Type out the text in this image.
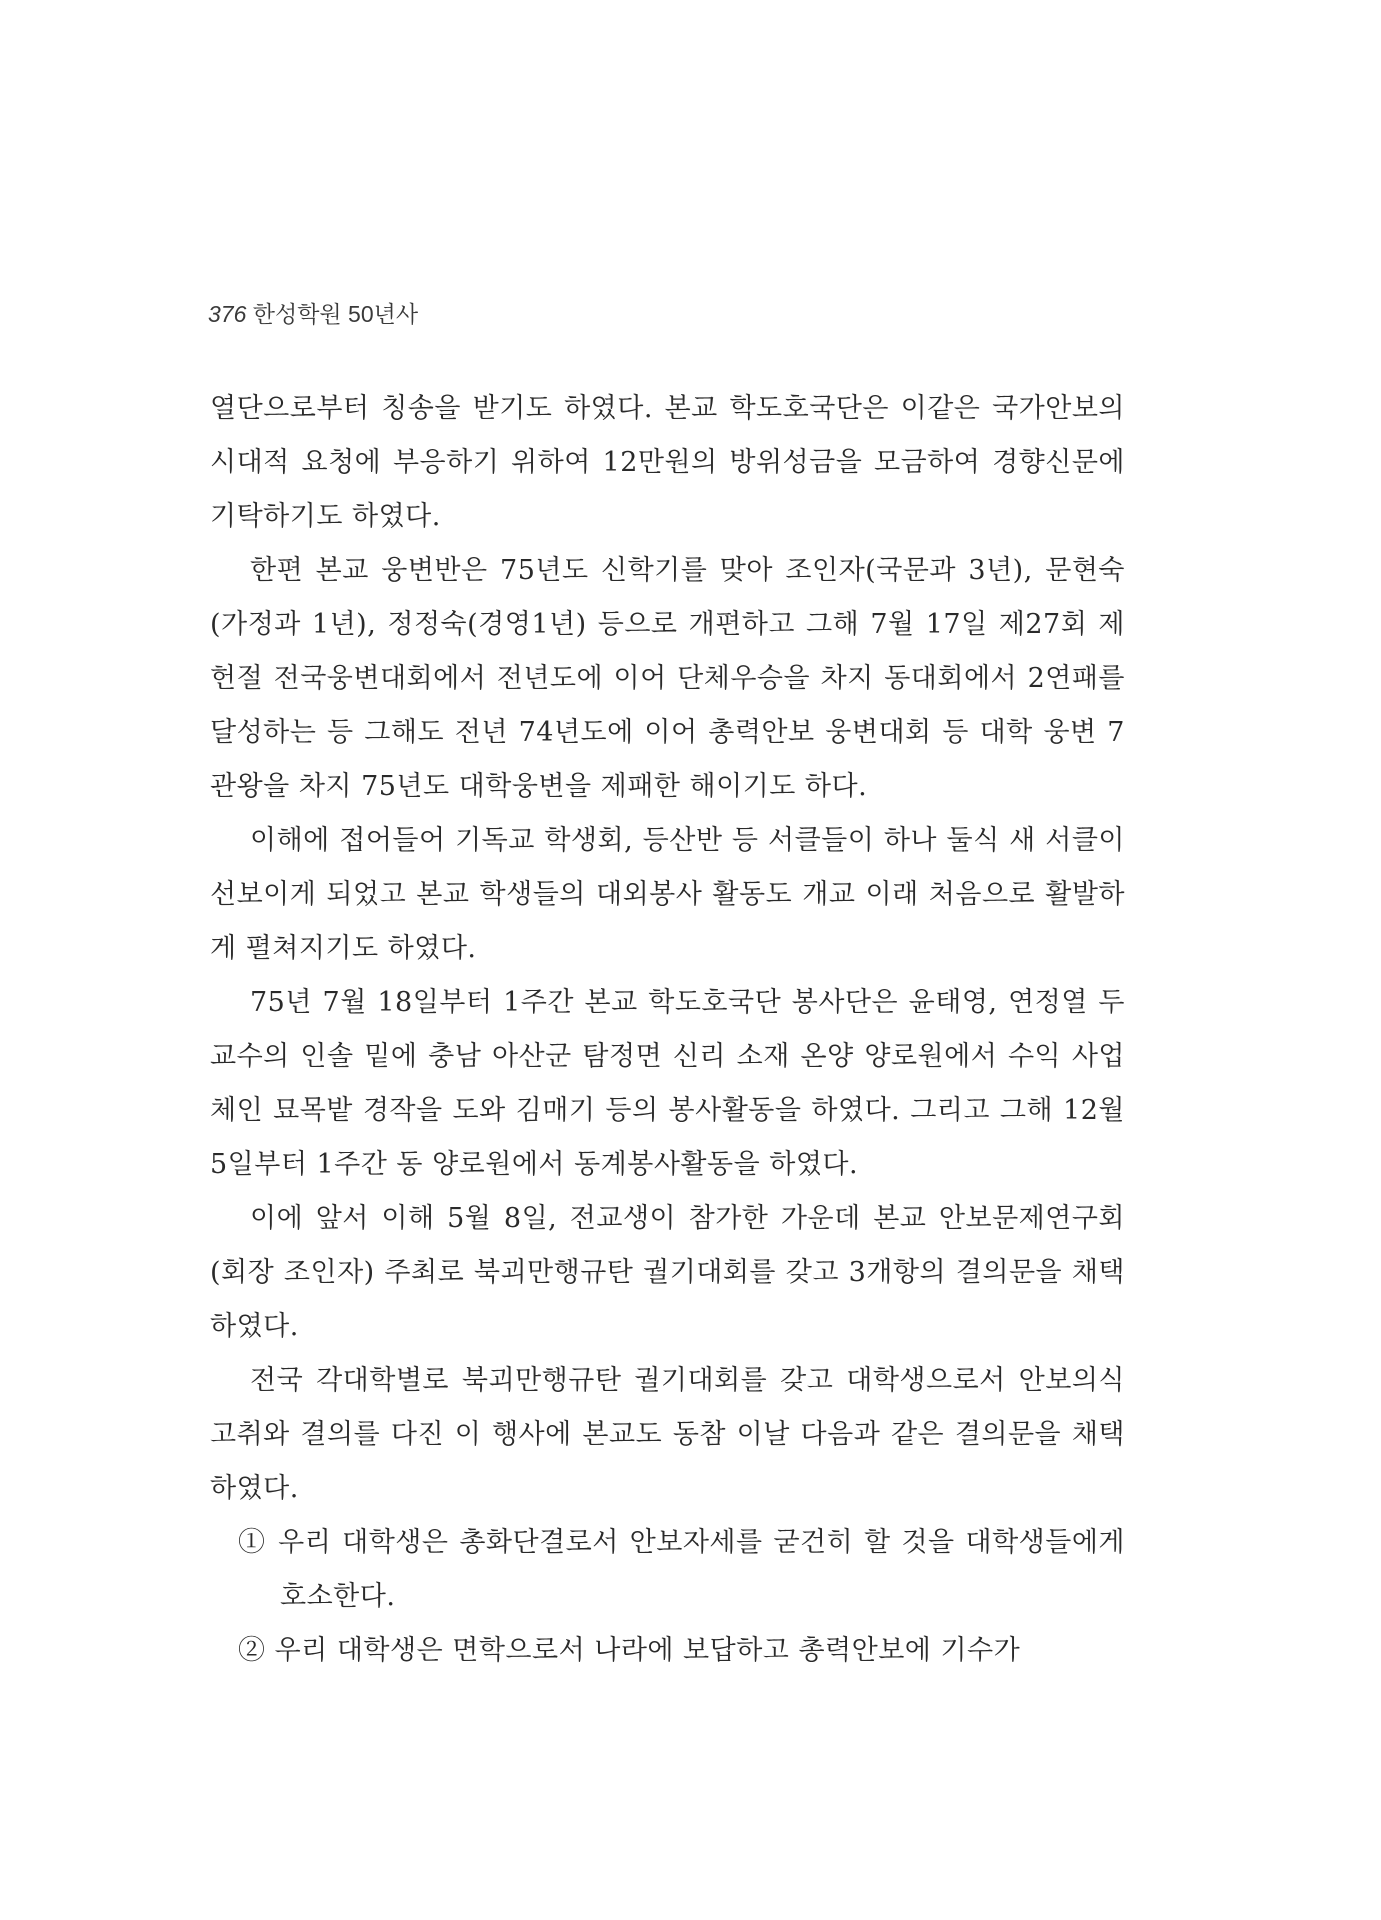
376 한성학원 50년사

열단으로부터 칭송을 받기도 하였다. 본교 학도호국단은 이같은 국가안보의 시대적 요청에 부응하기 위하여 12만원의 방위성금을 모금하여 경향신문에 기탁하기도 하였다.

한편 본교 웅변반은 75년도 신학기를 맞아 조인자(국문과 3년), 문현숙(가정과 1년), 정정숙(경영1년) 등으로 개편하고 그해 7월 17일 제27회 제헌절 전국웅변대회에서 전년도에 이어 단체우승을 차지 동대회에서 2연패를 달성하는 등 그해도 전년 74년도에 이어 총력안보 웅변대회 등 대학 웅변 7관왕을 차지 75년도 대학웅변을 제패한 해이기도 하다.

이해에 접어들어 기독교 학생회, 등산반 등 서클들이 하나 둘식 새 서클이 선보이게 되었고 본교 학생들의 대외봉사 활동도 개교 이래 처음으로 활발하게 펼쳐지기도 하였다.

75년 7월 18일부터 1주간 본교 학도호국단 봉사단은 윤태영, 연정열 두 교수의 인솔 밑에 충남 아산군 탐정면 신리 소재 온양 양로원에서 수익 사업체인 묘목밭 경작을 도와 김매기 등의 봉사활동을 하였다. 그리고 그해 12월 5일부터 1주간 동 양로원에서 동계봉사활동을 하였다.

이에 앞서 이해 5월 8일, 전교생이 참가한 가운데 본교 안보문제연구회(회장 조인자) 주최로 북괴만행규탄 궐기대회를 갖고 3개항의 결의문을 채택하였다.

전국 각대학별로 북괴만행규탄 궐기대회를 갖고 대학생으로서 안보의식 고취와 결의를 다진 이 행사에 본교도 동참 이날 다음과 같은 결의문을 채택하였다.

① 우리 대학생은 총화단결로서 안보자세를 굳건히 할 것을 대학생들에게 호소한다.

② 우리 대학생은 면학으로서 나라에 보답하고 총력안보에 기수가
